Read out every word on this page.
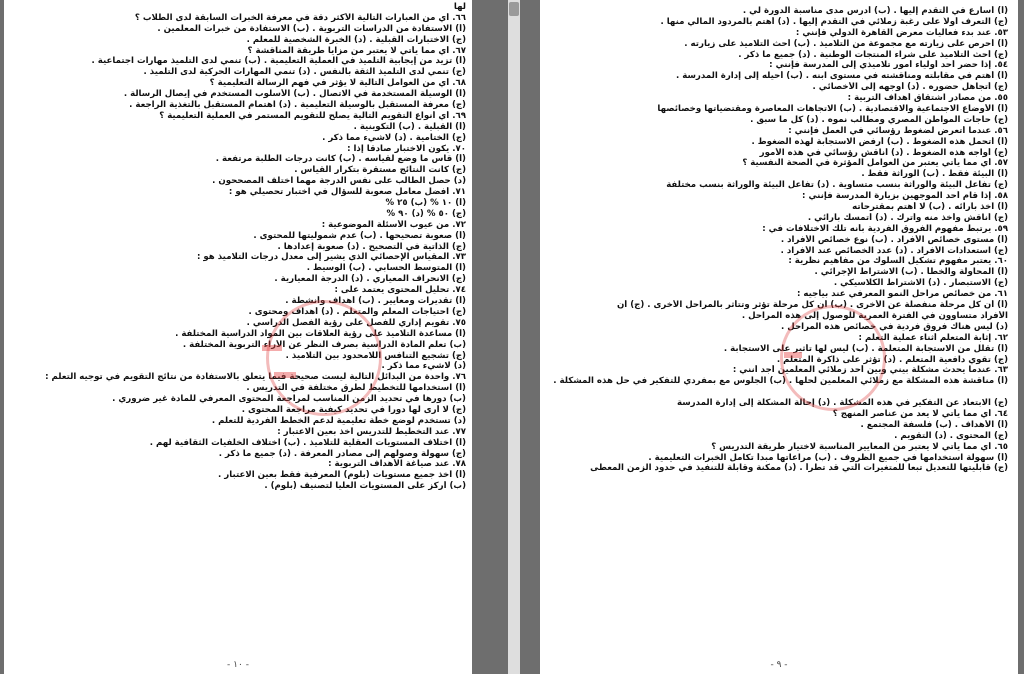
لها
٦٦. أي من العبارات التالية الأكثر دقة في معرفة الخبرات السابقة لدى الطلاب ؟
(أ) الاستفادة من الدراسات التربوية . (ب) الاستفادة من خبرات المعلمين .
(ج) الاختبارات القبلية . (د) الخبرة الشخصية للمعلم .
٦٧. أي مما يأتي لا يعتبر من مزايا طريقة المناقشة ؟
(أ) تزيد من إيجابية التلميذ في العملية التعليمية . (ب) تنمي لدى التلميذ مهارات اجتماعية .
(ج) تنمي لدى التلميذ الثقة بالنفس . (د) تنمي المهارات الحركية لدى التلميذ .
٦٨. أي من العوامل التالية لا يؤثر في فهم الرسالة التعليمية ؟
(أ) الوسيلة المستخدمة في الاتصال . (ب) الأسلوب المستخدم في إيصال الرسالة .
(ج) معرفة المستقبل بالوسيلة التعليمية . (د) اهتمام المستقبل بالتغذية الراجعة .
٦٩. أي أنواع التقويم التالية يصلح للتقويم المستمر في العملية التعليمية ؟
(أ) القبلية . (ب) التكوينية .
(ج) الختامية . (د) لاشيء مما ذكر .
٧٠. يكون الاختبار صادقاً إذا :
(أ) قاس ما وضع لقياسه . (ب) كانت درجات الطلبة مرتفعة .
(ج) كانت النتائج مستقرة بتكرار القياس .
(د) حصل الطالب على نفس الدرجة مهما اختلف المصححون .
٧١. أفضل معامل صعوبة للسؤال في اختبار تحصيلي هو :
(أ) ١٠ % (ب) ٢٥ %
(ج) ٥٠ % (د) ٩٠ %
٧٢. من عيوب الأسئلة الموضوعية :
(أ) صعوبة تصحيحها . (ب) عدم شموليتها للمحتوى .
(ج) الذاتية في التصحيح . (د) صعوبة إعدادها .
٧٣. المقياس الإحصائي الذي يشير إلى معدل درجات التلاميذ هو :
(أ) المتوسط الحسابي . (ب) الوسيط .
(ج) الانحراف المعياري . (د) الدرجة المعيارية .
٧٤. تحليل المحتوى يعتمد على :
(أ) تقديرات ومعايير . (ب) أهداف وأنشطة .
(ج) احتياجات المعلم والمتعلم . (د) أهداف ومحتوى .
٧٥. تقويم إداري للفصل على رؤية الفصل الدراسي .
(أ) مساعدة التلاميذ على رؤية العلاقات بين المواد الدراسية المختلفة .
(ب) تعلم المادة الدراسية بصرف النظر عن الأراء التربوية المختلفة .
(ج) تشجيع التنافس اللامحدود بين التلاميذ .
(د) لاشيء مما ذكر .
٧٦. واحدة من البدائل التالية ليست صحيحة فيما يتعلق بالاستفادة من نتائج التقويم في توجيه التعلم :
(أ) استخدامها للتخطيط لطرق مختلفة في التدريس .
(ب) دورها في تحديد الزمن المناسب لمراجعة المحتوى المعرفي للمادة غير ضروري .
(ج) لا أرى لها دوراً في تحديد كيفية مراجعة المحتوى .
(د) تستخدم لوضع خطة تعليمية لدعم الخطط الفردية للتعلم .
٧٧. عند التخطيط للتدريس آخذ بعين الاعتبار :
(أ) اختلاف المستويات العقلية للتلاميذ . (ب) اختلاف الخلفيات الثقافية لهم .
(ج) سهولة وصولهم إلى مصادر المعرفة . (د) جميع ما ذكر .
٧٨. عند صياغة الأهداف التربوية :
(أ) آخذ جميع مستويات (بلوم) المعرفية فقط بعين الاعتبار .
(ب) أركز على المستويات العليا لتصنيف (بلوم) .
- ١٠ -
(أ) أسارع في التقدم إليها . (ب) أدرس مدى مناسبة الدورة لي .
(ج) التعرف أولاً على رغبة زملائي في التقدم إليها . (د) أهتم بالمردود المالي منها .
٥٣. عند بدء فعاليات معرض القاهرة الدولي فإنني :
(أ) أحرص على زيارته مع مجموعة من التلاميذ . (ب) أحث التلاميذ على زيارته .
(ج) أحث التلاميذ على شراء المنتجات الوطنية . (د) جميع ما ذكر .
٥٤. إذا حضر أحد أولياء أمور تلاميذي إلى المدرسة فإنني :
(أ) أهتم في مقابلته ومناقشته في مستوى ابنه . (ب) أحيله إلى إدارة المدرسة .
(ج) أتجاهل حضوره . (د) أوجهه إلى الأخصائي .
٥٥. من مصادر اشتقاق أهداف التربية :
(أ) الأوضاع الاجتماعية والاقتصادية . (ب) الاتجاهات المعاصرة ومقتضياتها وخصائصها
(ج) حاجات المواطن المصري ومطالب نموه . (د) كل ما سبق .
٥٦. عندما أتعرض لضغوط رؤسائي في العمل فإنني :
(أ) أتحمل هذه الضغوط . (ب) أرفض الاستجابة لهذه الضغوط .
(ج) أواجه هذه الضغوط . (د) أناقش رؤسائي في هذه الأمور
٥٧. أي مما يأتي يعتبر من العوامل المؤثرة في الصحة النفسية ؟
(أ) البيئة فقط . (ب) الوراثة فقط .
(ج) تفاعل البيئة والوراثة بنسب متساوية . (د) تفاعل البيئة والوراثة بنسب مختلفة
٥٨. إذا قام أحد الموجهين بزيارة المدرسة فإنني :
(أ) آخذ بآرائه . (ب) لا أهتم بمقترحاته
(ج) أناقش وأخذ منه وأترك . (د) أتمسك بآرائي .
٥٩. يرتبط مفهوم الفروق الفردية بأنه تلك الاختلافات في :
(أ) مستوى خصائص الأفراد . (ب) نوع خصائص الأفراد .
(ج) استعدادات الأفراد . (د) عدد الخصائص عند الأفراد .
٦٠. يعتبر مفهوم تشكيل السلوك من مفاهيم نظرية :
(أ) المحاولة والخطأ . (ب) الاشتراط الإجرائي .
(ج) الاستبصار . (د) الاشتراط الكلاسيكي .
٦١. من خصائص مراحل النمو المعرفي عند بياجيه :
(أ) أن كل مرحلة منفصلة عن الأخرى . (ب) أن كل مرحلة تؤثر وتتأثر بالمراحل الأخرى . (ج) أن
الأفراد متساوون في الفترة العمرية للوصول إلى هذه المراحل .
(د) ليس هناك فروق فردية في خصائص هذه المراحل .
٦٢. إثابة المتعلم أثناء عملية التعلم :
(أ) تقلل من الاستجابة المتعلمة . (ب) ليس لها تأثير على الاستجابة .
(ج) تقوي دافعية المتعلم . (د) تؤثر على ذاكرة المتعلم .
٦٣. عندما يحدث مشكلة بيني وبين أحد زملائي المعلمين أجد أنني :
(أ) مناقشة هذه المشكلة مع زملائي المعلمين لحلها . (ب) الجلوس مع بمفردي للتفكير في حل هذه المشكلة .
(ج) الابتعاد عن التفكير في هذه المشكلة . (د) إحالة المشكلة إلى إدارة المدرسة
٦٤. أي مما يأتي لا يعد من عناصر المنهج ؟
(أ) الأهداف . (ب) فلسفة المجتمع .
(ج) المحتوى . (د) التقويم .
٦٥. أي مما يأتي لا يعتبر من المعايير المناسبة لاختيار طريقة التدريس ؟
(أ) سهولة استخدامها في جميع الظروف . (ب) مراعاتها مبدأ تكامل الخبرات التعليمية .
(ج) قابليتها للتعديل تبعاً للمتغيرات التي قد تطرأ . (د) ممكنة وقابلة للتنفيذ في حدود الزمن المعطى
- ٩ -
